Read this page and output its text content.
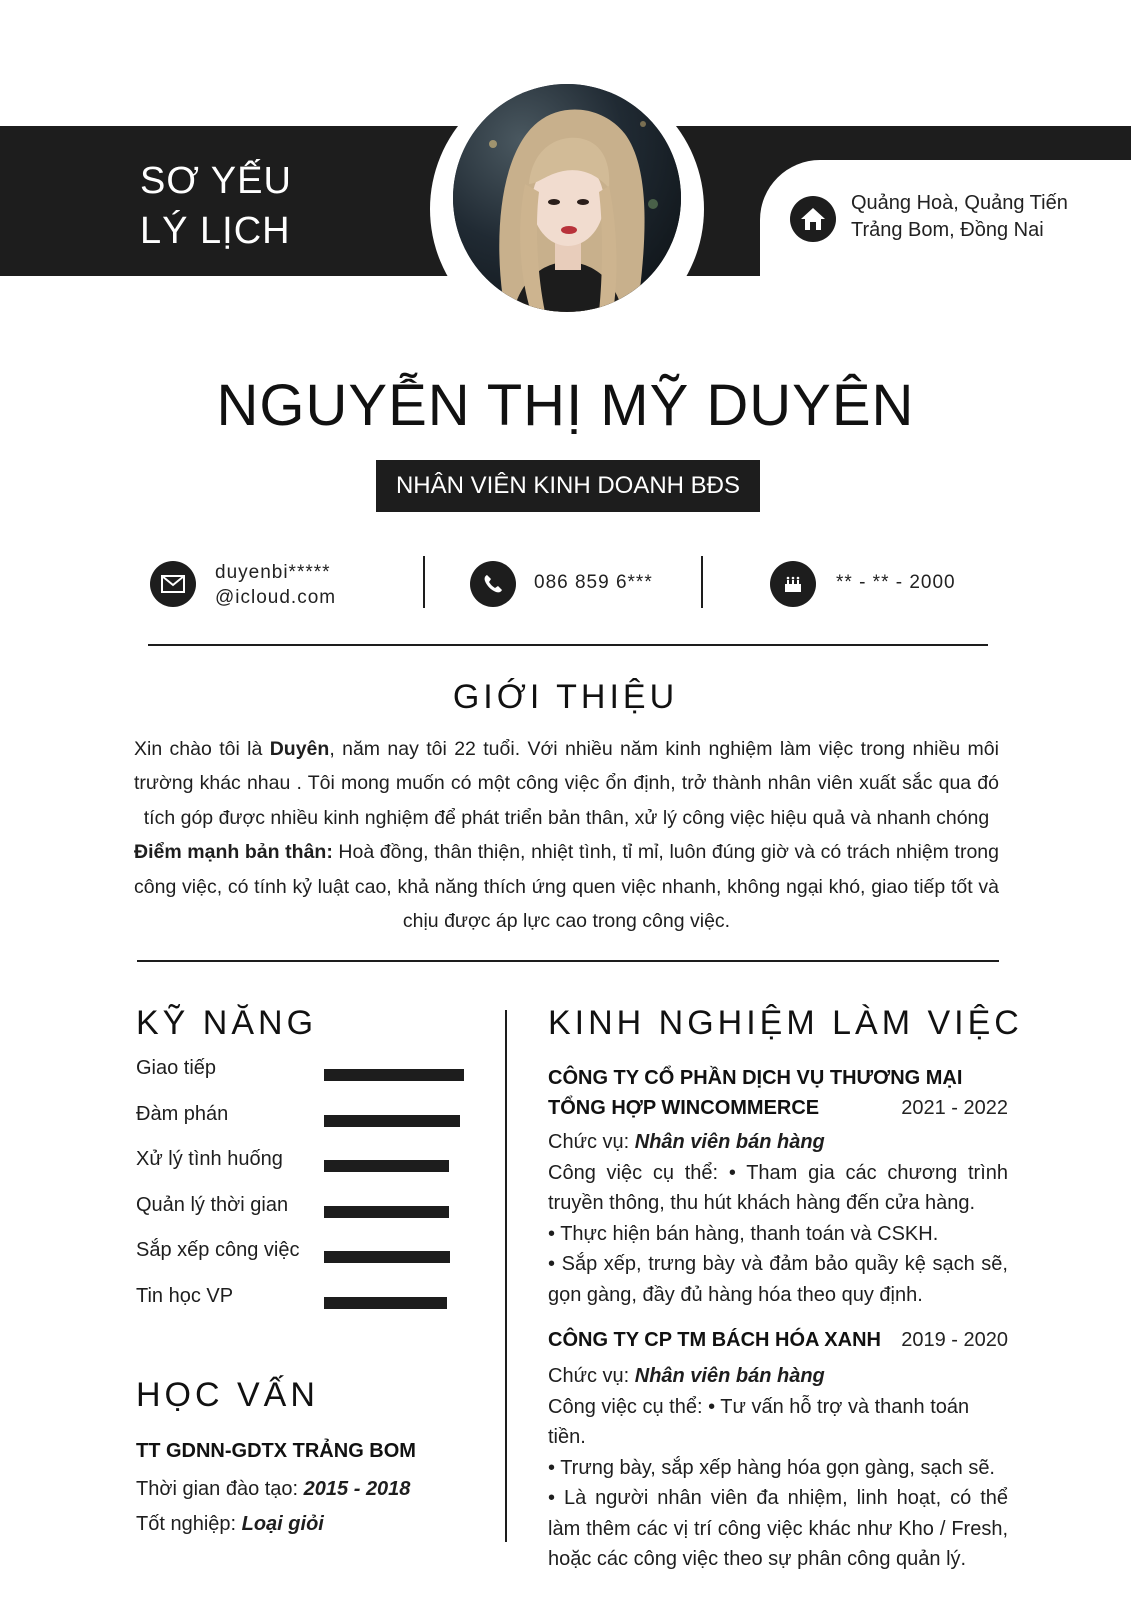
SƠ YẾU
LÝ LỊCH
Quảng Hoà, Quảng Tiến
Trảng Bom, Đồng Nai
NGUYỄN THỊ MỸ DUYÊN
NHÂN VIÊN KINH DOANH BĐS
duyenbi*****
@icloud.com
086 859 6***	** - ** - 2000
GIỚI THIỆU
Xin chào tôi là Duyên, năm nay tôi 22 tuổi. Với nhiều năm kinh nghiệm làm việc trong nhiều môi trường khác nhau . Tôi mong muốn có một công việc ổn định, trở thành nhân viên xuất sắc qua đó tích góp được nhiều kinh nghiệm để phát triển bản thân, xử lý công việc hiệu quả và nhanh chóng
Điểm mạnh bản thân: Hoà đồng, thân thiện, nhiệt tình, tỉ mỉ, luôn đúng giờ và có trách nhiệm trong công việc, có tính kỷ luật cao, khả năng thích ứng quen việc nhanh, không ngại khó, giao tiếp tốt và chịu được áp lực cao trong công việc.
KỸ NĂNG
Giao tiếp
Đàm phán
Xử lý tình huống
Quản lý thời gian
Sắp xếp công việc
Tin học VP
HỌC VẤN
TT GDNN-GDTX TRẢNG BOM
Thời gian đào tạo: 2015 - 2018
Tốt nghiệp: Loại giỏi
KINH NGHIỆM LÀM VIỆC
CÔNG TY CỔ PHẦN DỊCH VỤ THƯƠNG MẠI
TỔNG HỢP WINCOMMERCE	2021 - 2022
Chức vụ: Nhân viên bán hàng
Công việc cụ thể: • Tham gia các chương trình truyền thông, thu hút khách hàng đến cửa hàng.
• Thực hiện bán hàng, thanh toán và CSKH.
• Sắp xếp, trưng bày và đảm bảo quầy kệ sạch sẽ, gọn gàng, đầy đủ hàng hóa theo quy định.
CÔNG TY CP TM BÁCH HÓA XANH 2019 - 2020
Chức vụ: Nhân viên bán hàng
Công việc cụ thể: • Tư vấn hỗ trợ và thanh toán tiền.
• Trưng bày, sắp xếp hàng hóa gọn gàng, sạch sẽ.
• Là người nhân viên đa nhiệm, linh hoạt, có thể làm thêm các vị trí công việc khác như Kho / Fresh, hoặc các công việc theo sự phân công quản lý.
